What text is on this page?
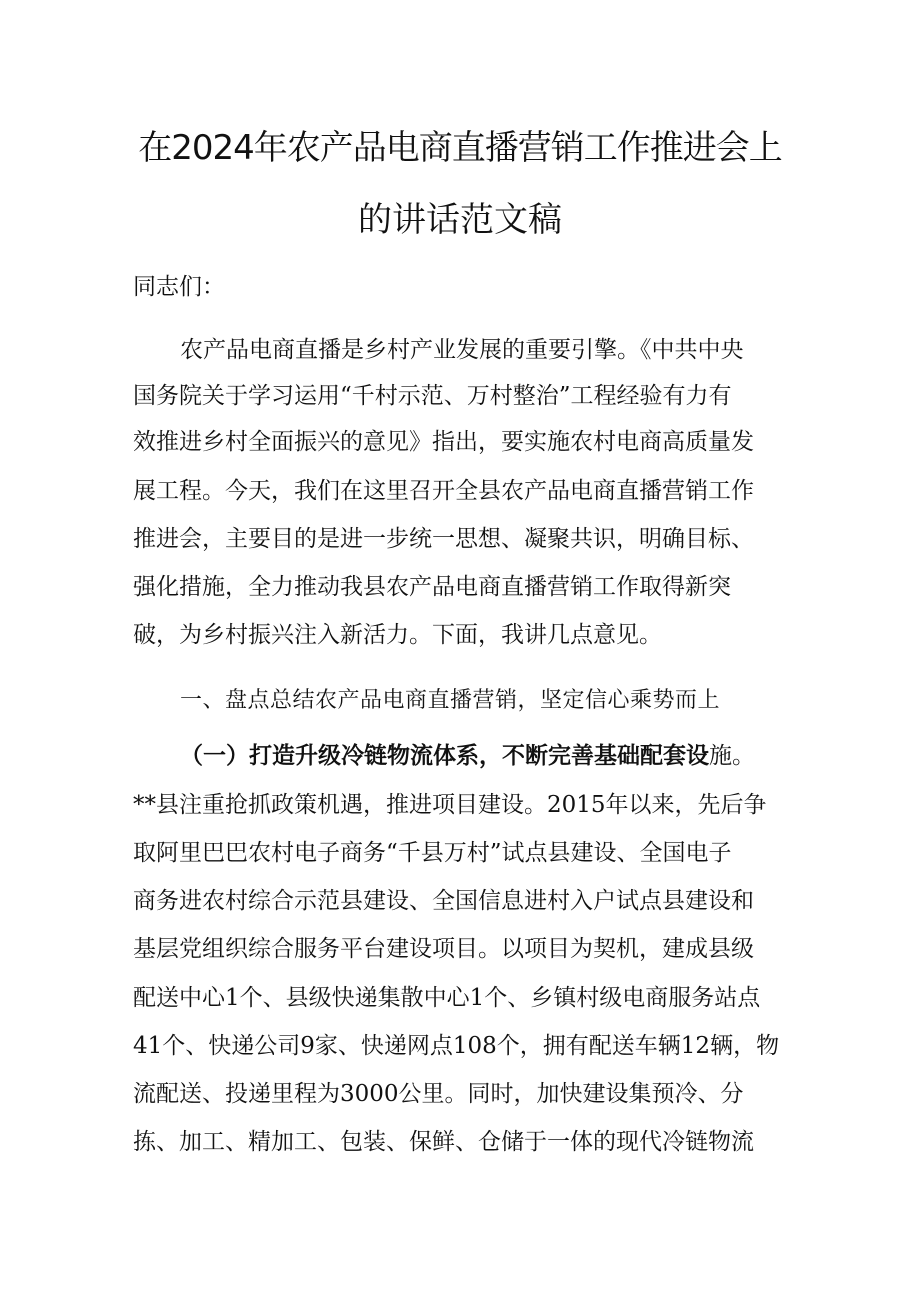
在2024年农产品电商直播营销工作推进会上
的讲话范文稿
同志们：
农产品电商直播是乡村产业发展的重要引擎。《中共中央
国务院关于学习运用“千村示范、万村整治”工程经验有力有
效推进乡村全面振兴的意见》指出，要实施农村电商高质量发
展工程。今天，我们在这里召开全县农产品电商直播营销工作
推进会，主要目的是进一步统一思想、凝聚共识，明确目标、
强化措施，全力推动我县农产品电商直播营销工作取得新突
破，为乡村振兴注入新活力。下面，我讲几点意见。
一、盘点总结农产品电商直播营销，坚定信心乘势而上
（一）打造升级冷链物流体系，不断完善基础配套设施。
**县注重抢抓政策机遇，推进项目建设。2015年以来，先后争
取阿里巴巴农村电子商务“千县万村”试点县建设、全国电子
商务进农村综合示范县建设、全国信息进村入户试点县建设和
基层党组织综合服务平台建设项目。以项目为契机，建成县级
配送中心1个、县级快递集散中心1个、乡镇村级电商服务站点
41个、快递公司9家、快递网点108个，拥有配送车辆12辆，物
流配送、投递里程为3000公里。同时，加快建设集预冷、分
拣、加工、精加工、包装、保鲜、仓储于一体的现代冷链物流
